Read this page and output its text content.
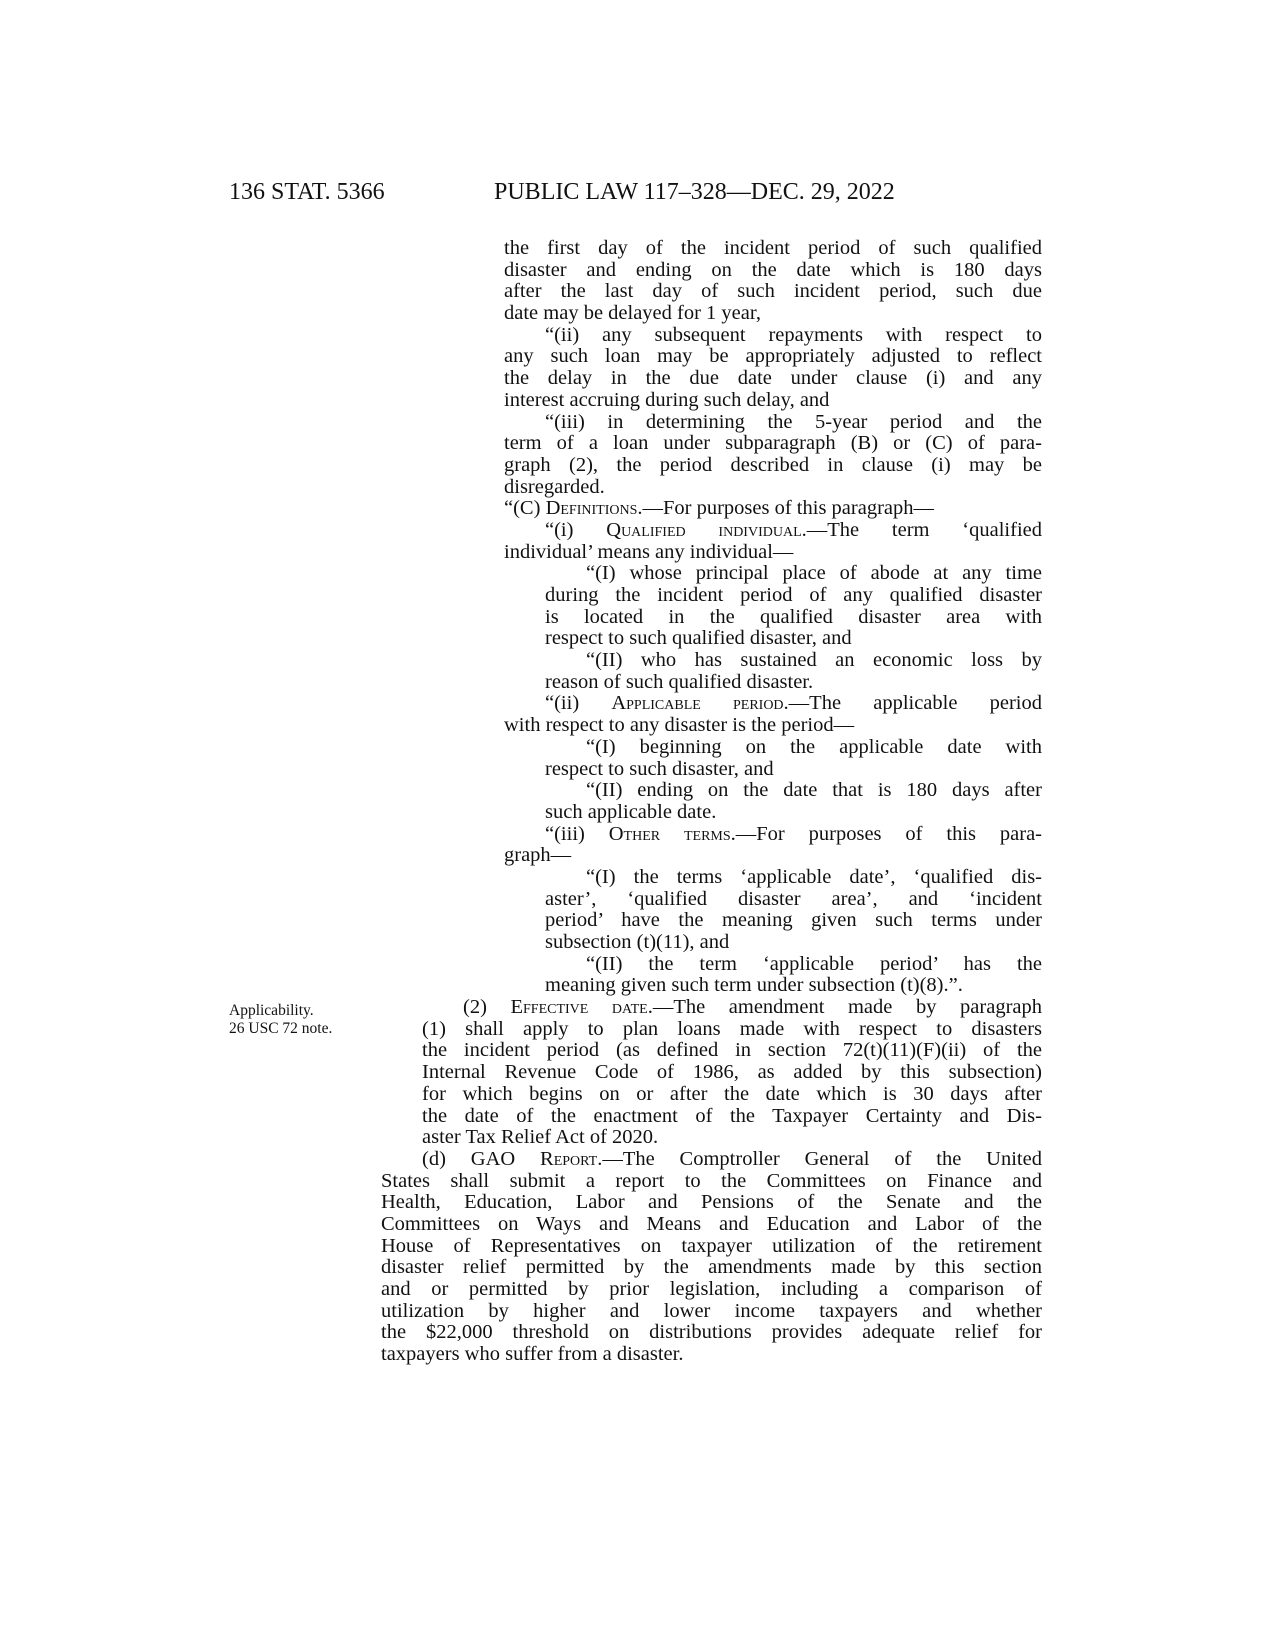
136 STAT. 5366	PUBLIC LAW 117–328—DEC. 29, 2022
Applicability.
26 USC 72 note.
the first day of the incident period of such qualified
disaster and ending on the date which is 180 days
after the last day of such incident period, such due
date may be delayed for 1 year,
“(ii) any subsequent repayments with respect to
any such loan may be appropriately adjusted to reflect
the delay in the due date under clause (i) and any
interest accruing during such delay, and
“(iii) in determining the 5-year period and the
term of a loan under subparagraph (B) or (C) of para-
graph (2), the period described in clause (i) may be
disregarded.
“(C) Definitions.—For purposes of this paragraph—
“(i) Qualified individual.—The term ‘qualified
individual’ means any individual—
“(I) whose principal place of abode at any time
during the incident period of any qualified disaster
is located in the qualified disaster area with
respect to such qualified disaster, and
“(II) who has sustained an economic loss by
reason of such qualified disaster.
“(ii) Applicable period.—The applicable period
with respect to any disaster is the period—
“(I) beginning on the applicable date with
respect to such disaster, and
“(II) ending on the date that is 180 days after
such applicable date.
“(iii) Other terms.—For purposes of this para-
graph—
“(I) the terms ‘applicable date’, ‘qualified dis-
aster’, ‘qualified disaster area’, and ‘incident
period’ have the meaning given such terms under
subsection (t)(11), and
“(II) the term ‘applicable period’ has the
meaning given such term under subsection (t)(8).”.
(2) Effective date.—The amendment made by paragraph
(1) shall apply to plan loans made with respect to disasters
the incident period (as defined in section 72(t)(11)(F)(ii) of the
Internal Revenue Code of 1986, as added by this subsection)
for which begins on or after the date which is 30 days after
the date of the enactment of the Taxpayer Certainty and Dis-
aster Tax Relief Act of 2020.
(d) GAO Report.—The Comptroller General of the United
States shall submit a report to the Committees on Finance and
Health, Education, Labor and Pensions of the Senate and the
Committees on Ways and Means and Education and Labor of the
House of Representatives on taxpayer utilization of the retirement
disaster relief permitted by the amendments made by this section
and or permitted by prior legislation, including a comparison of
utilization by higher and lower income taxpayers and whether
the $22,000 threshold on distributions provides adequate relief for
taxpayers who suffer from a disaster.
